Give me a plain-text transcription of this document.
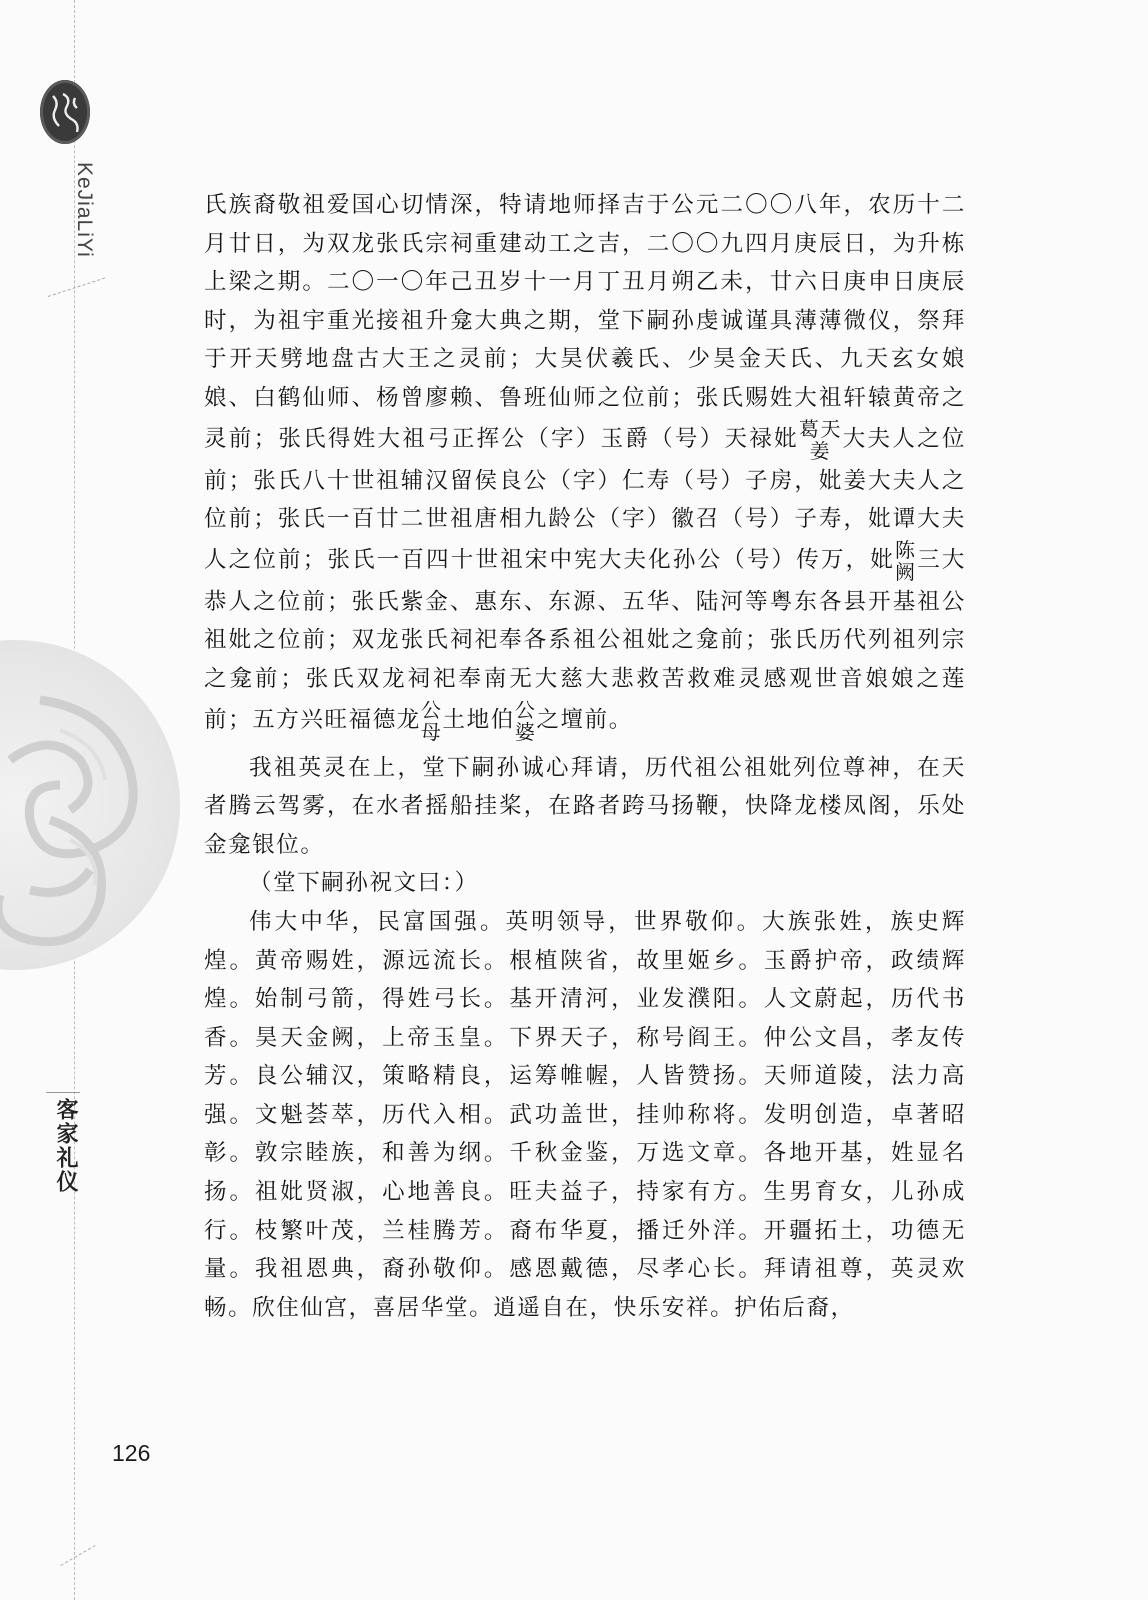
KeJiaLiYi
客家礼仪
126

氏族裔敬祖爱国心切情深，特请地师择吉于公元二〇〇八年，农历十二月廿日，为双龙张氏宗祠重建动工之吉，二〇〇九四月庚辰日，为升栋上梁之期。二〇一〇年己丑岁十一月丁丑月朔乙未，廿六日庚申日庚辰时，为祖宇重光接祖升龛大典之期，堂下嗣孙虔诚谨具薄薄微仪，祭拜于开天劈地盘古大王之灵前；大昊伏羲氏、少昊金天氏、九天玄女娘娘、白鹤仙师、杨曾廖赖、鲁班仙师之位前；张氏赐姓大祖轩辕黄帝之灵前；张氏得姓大祖弓正挥公（字）玉爵（号）天禄妣 葛天
姜 大夫人之位前；张氏八十世祖辅汉留侯良公（字）仁寿（号）子房，妣姜大夫人之位前；张氏一百廿二世祖唐相九龄公（字）徽召（号）子寿，妣谭大夫人之位前；张氏一百四十世祖宋中宪大夫化孙公（号）传万，妣 陈
阙 三大恭人之位前；张氏紫金、惠东、东源、五华、陆河等粤东各县开基祖公祖妣之位前；双龙张氏祠祀奉各系祖公祖妣之龛前；张氏历代列祖列宗之龛前；张氏双龙祠祀奉南无大慈大悲救苦救难灵感观世音娘娘之莲前；五方兴旺福德龙 公
母 土地伯 公
婆 之壇前。

我祖英灵在上，堂下嗣孙诚心拜请，历代祖公祖妣列位尊神，在天者腾云驾雾，在水者摇船挂桨，在路者跨马扬鞭，快降龙楼凤阁，乐处金龛银位。

（堂下嗣孙祝文曰：）

伟大中华，民富国强。英明领导，世界敬仰。大族张姓，族史辉煌。黄帝赐姓，源远流长。根植陕省，故里姬乡。玉爵护帝，政绩辉煌。始制弓箭，得姓弓长。基开清河，业发濮阳。人文蔚起，历代书香。昊天金阙，上帝玉皇。下界天子，称号阎王。仲公文昌，孝友传芳。良公辅汉，策略精良，运筹帷幄，人皆赞扬。天师道陵，法力高强。文魁荟萃，历代入相。武功盖世，挂帅称将。发明创造，卓著昭彰。敦宗睦族，和善为纲。千秋金鉴，万选文章。各地开基，姓显名扬。祖妣贤淑，心地善良。旺夫益子，持家有方。生男育女，儿孙成行。枝繁叶茂，兰桂腾芳。裔布华夏，播迁外洋。开疆拓土，功德无量。我祖恩典，裔孙敬仰。感恩戴德，尽孝心长。拜请祖尊，英灵欢畅。欣住仙宫，喜居华堂。逍遥自在，快乐安祥。护佑后裔，
